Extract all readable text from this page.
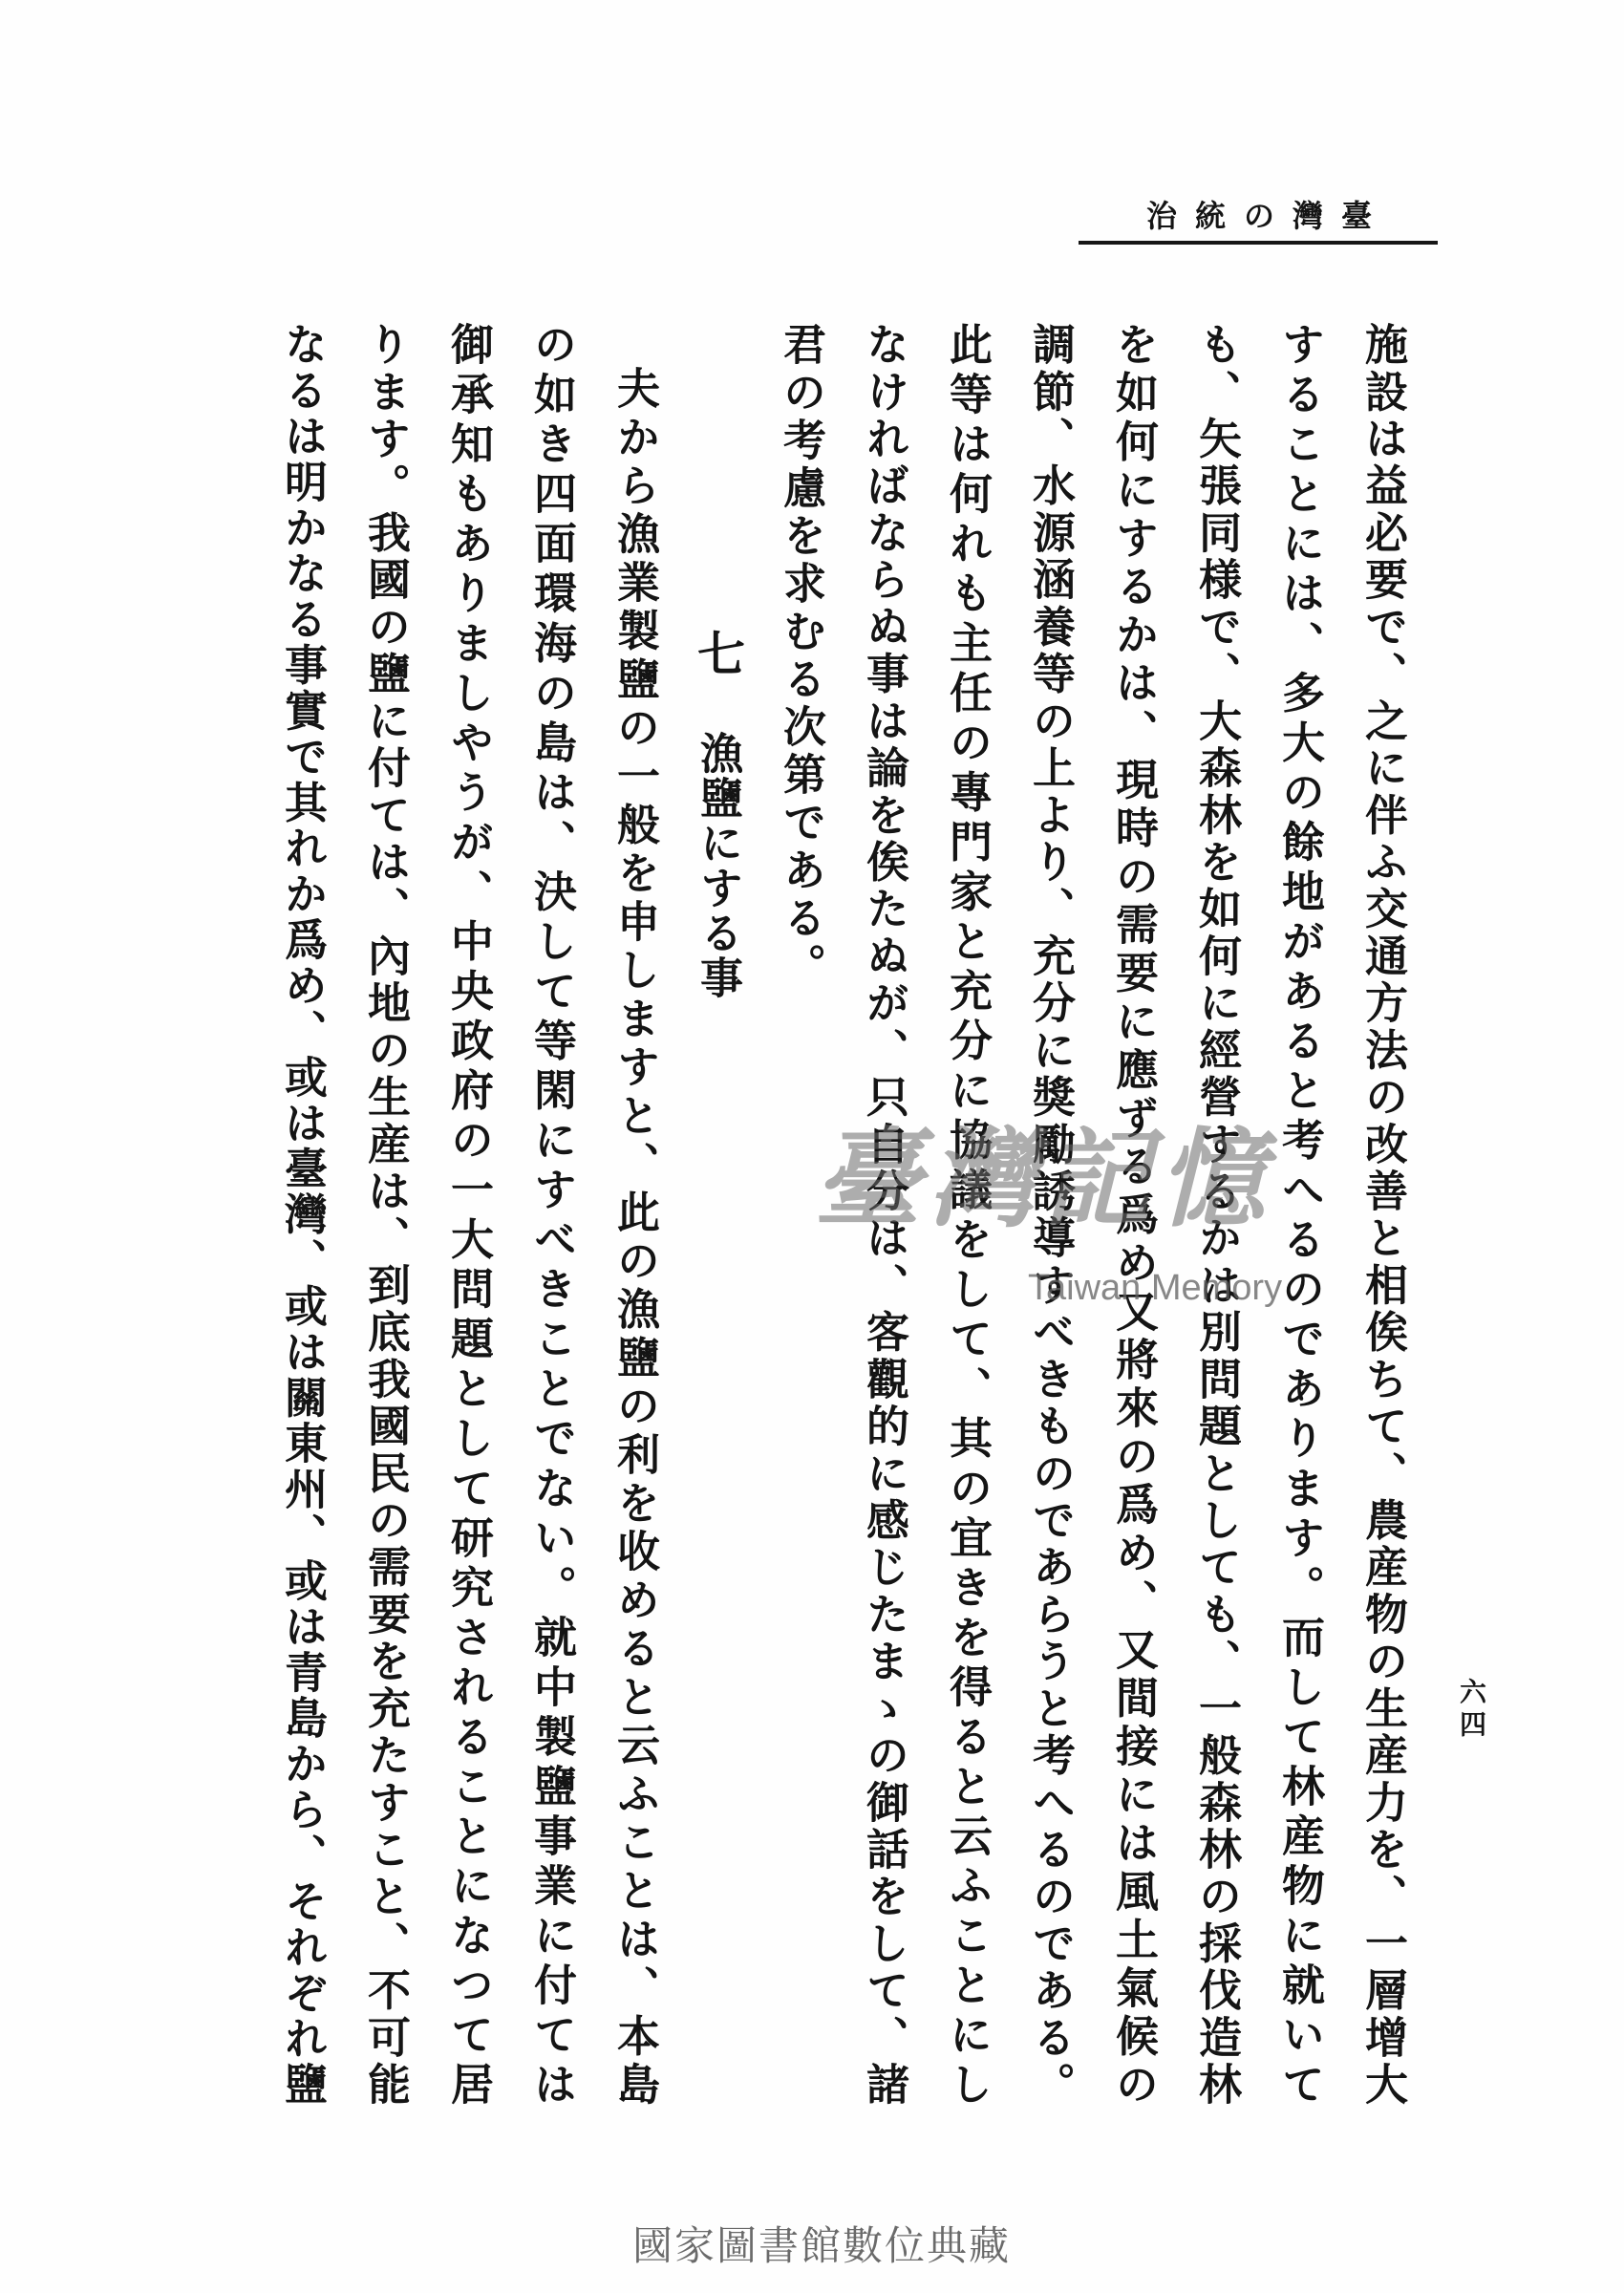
臺灣の統治
六四

施設は益必要で、之に伴ふ交通方法の改善と相俟ちて、農産物の生産力を、一層增大

することには、多大の餘地があると考へるのであります。而して林産物に就いて

も、矢張同様で、大森林を如何に經營するかは別問題としても、一般森林の採伐造林

を如何にするかは、現時の需要に應ずる爲め又將來の爲め、又間接には風土氣候の

調節、水源涵養等の上より、充分に獎勵誘導すべきものであらうと考へるのである。

此等は何れも主任の專門家と充分に協議をして、其の宜きを得ると云ふことにし

なければならぬ事は論を俟たぬが、只自分は、客觀的に感じたまゝの御話をして、諸

君の考慮を求むる次第である。

七漁鹽にする事

夫から漁業製鹽の一般を申しますと、此の漁鹽の利を收めると云ふことは、本島

の如き四面環海の島は、決して等閑にすべきことでない。就中製鹽事業に付ては

御承知もありましやうが、中央政府の一大問題として研究されることになつて居

ります。我國の鹽に付ては、內地の生産は、到底我國民の需要を充たすこと、不可能

なるは明かなる事實で其れか爲め、或は臺灣、或は關東州、或は青島から、それぞれ鹽	臺灣記憶
Taiwan Memory
國家圖書館數位典藏
